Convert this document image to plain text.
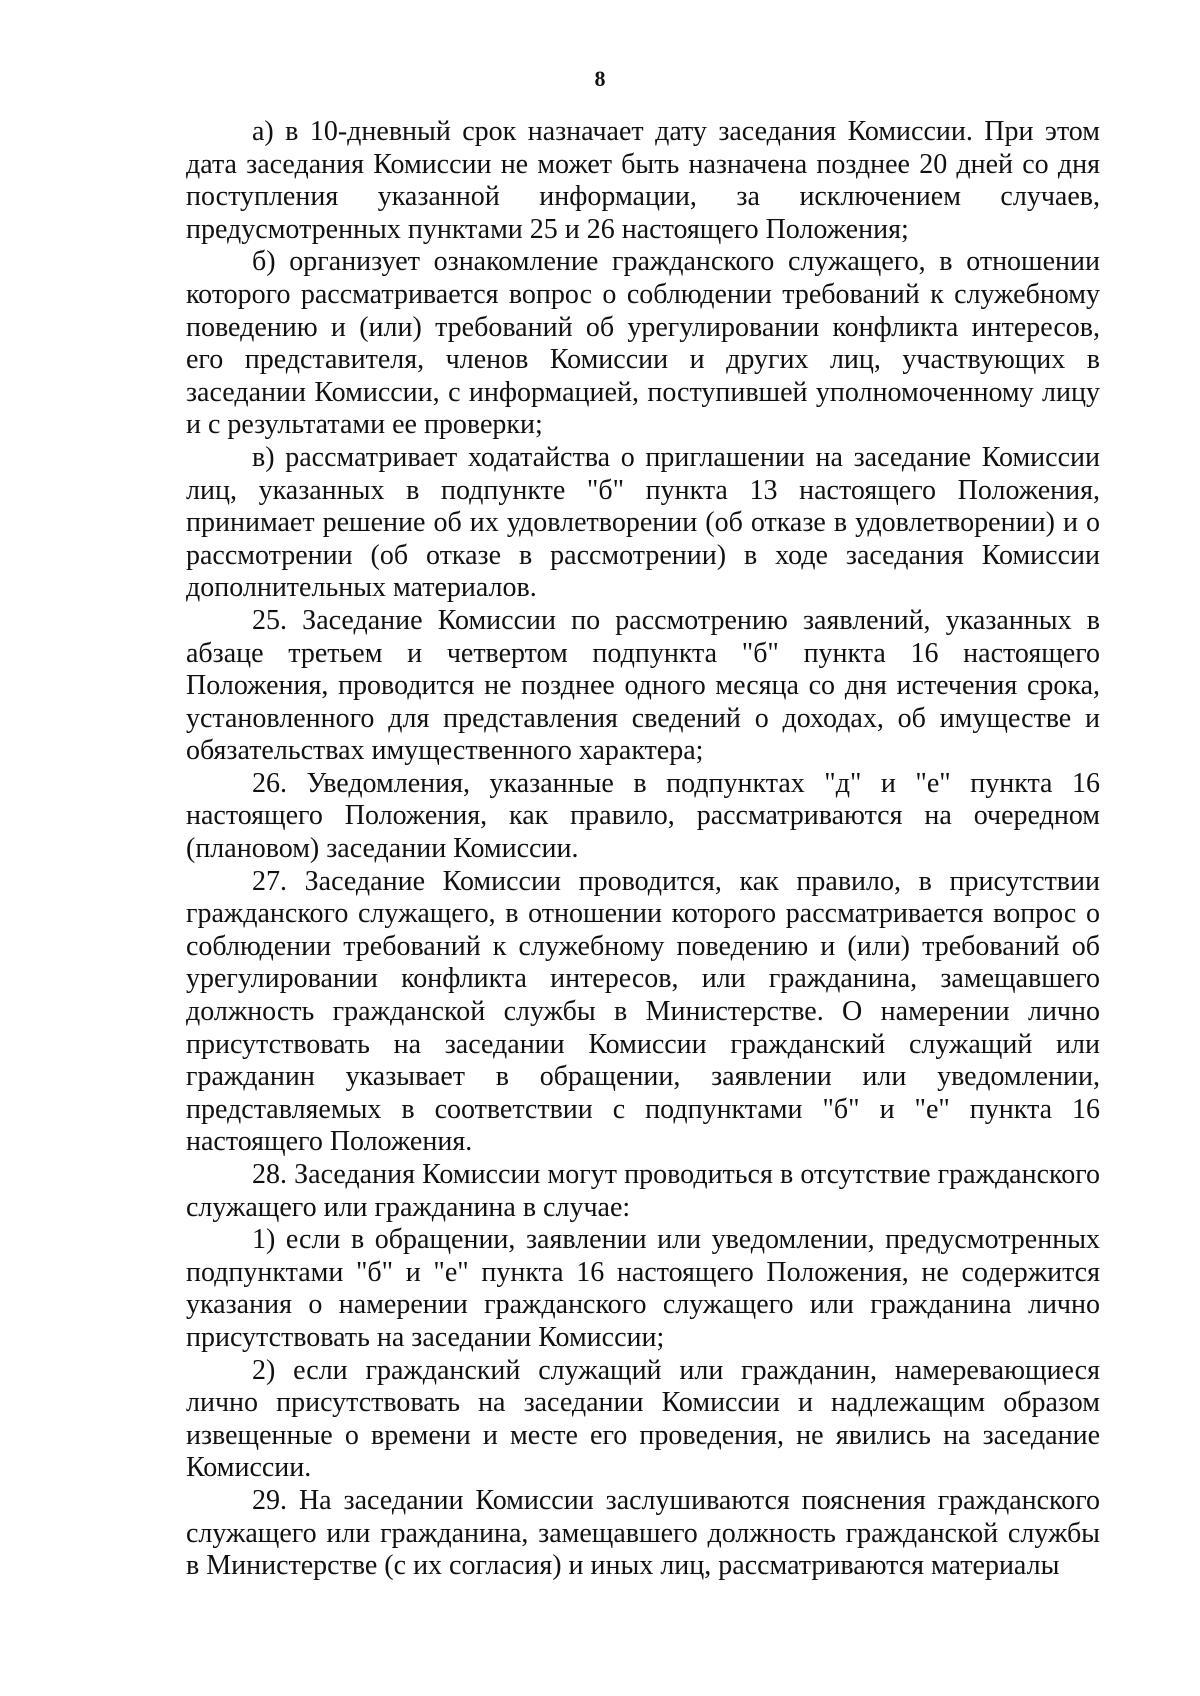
8

а) в 10-дневный срок назначает дату заседания Комиссии. При этом дата заседания Комиссии не может быть назначена позднее 20 дней со дня поступления указанной информации, за исключением случаев, предусмотренных пунктами 25 и 26 настоящего Положения;

б) организует ознакомление гражданского служащего, в отношении которого рассматривается вопрос о соблюдении требований к служебному поведению и (или) требований об урегулировании конфликта интересов, его представителя, членов Комиссии и других лиц, участвующих в заседании Комиссии, с информацией, поступившей уполномоченному лицу и с результатами ее проверки;

в) рассматривает ходатайства о приглашении на заседание Комиссии лиц, указанных в подпункте "б" пункта 13 настоящего Положения, принимает решение об их удовлетворении (об отказе в удовлетворении) и о рассмотрении (об отказе в рассмотрении) в ходе заседания Комиссии дополнительных материалов.

25. Заседание Комиссии по рассмотрению заявлений, указанных в абзаце третьем и четвертом подпункта "б" пункта 16 настоящего Положения, проводится не позднее одного месяца со дня истечения срока, установленного для представления сведений о доходах, об имуществе и обязательствах имущественного характера;

26. Уведомления, указанные в подпунктах "д" и "е" пункта 16 настоящего Положения, как правило, рассматриваются на очередном (плановом) заседании Комиссии.

27. Заседание Комиссии проводится, как правило, в присутствии гражданского служащего, в отношении которого рассматривается вопрос о соблюдении требований к служебному поведению и (или) требований об урегулировании конфликта интересов, или гражданина, замещавшего должность гражданской службы в Министерстве. О намерении лично присутствовать на заседании Комиссии гражданский служащий или гражданин указывает в обращении, заявлении или уведомлении, представляемых в соответствии с подпунктами "б" и "е" пункта 16 настоящего Положения.

28. Заседания Комиссии могут проводиться в отсутствие гражданского служащего или гражданина в случае:

1) если в обращении, заявлении или уведомлении, предусмотренных подпунктами "б" и "е" пункта 16 настоящего Положения, не содержится указания о намерении гражданского служащего или гражданина лично присутствовать на заседании Комиссии;

2) если гражданский служащий или гражданин, намеревающиеся лично присутствовать на заседании Комиссии и надлежащим образом извещенные о времени и месте его проведения, не явились на заседание Комиссии.

29. На заседании Комиссии заслушиваются пояснения гражданского служащего или гражданина, замещавшего должность гражданской службы в Министерстве (с их согласия) и иных лиц, рассматриваются материалы
